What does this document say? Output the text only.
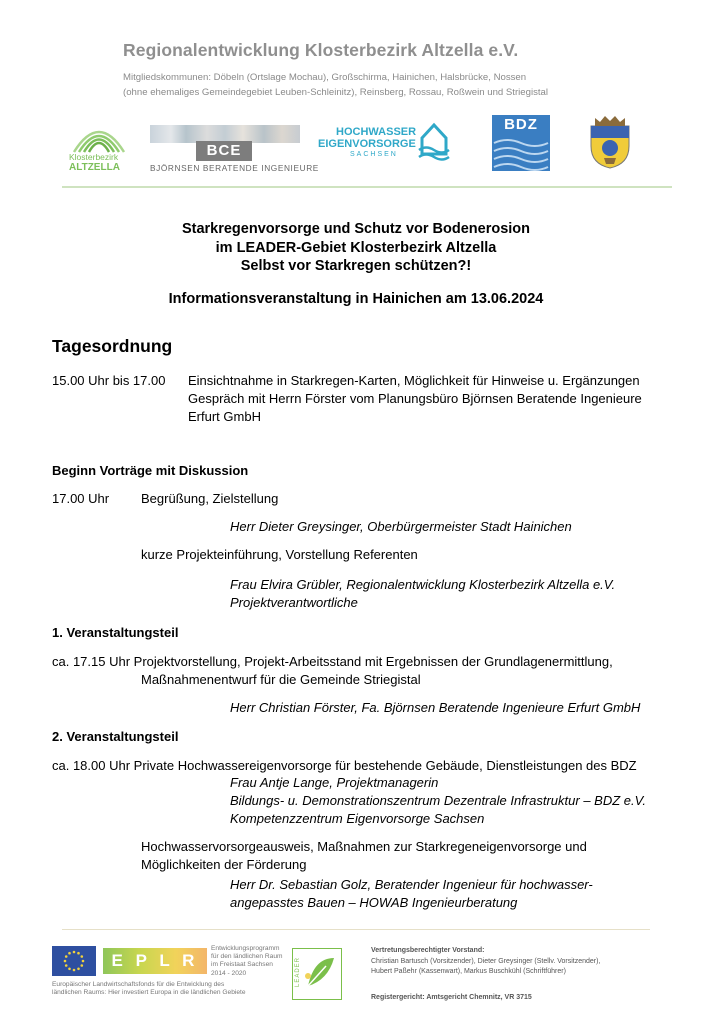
Regionalentwicklung Klosterbezirk Altzella e.V.
Mitgliedskommunen: Döbeln (Ortslage Mochau), Großschirma, Hainichen, Halsbrücke, Nossen
(ohne ehemaliges Gemeindegebiet Leuben-Schleinitz), Reinsberg, Rossau, Roßwein und Striegistal
Klosterbezirk
ALTZELLA
BCE
BJÖRNSEN BERATENDE INGENIEURE
HOCHWASSER
EIGENVORSORGE
SACHSEN
BDZ
Starkregenvorsorge und Schutz vor Bodenerosion
im LEADER-Gebiet Klosterbezirk Altzella
Selbst vor Starkregen schützen?!
Informationsveranstaltung in Hainichen am 13.06.2024
Tagesordnung
15.00 Uhr bis 17.00 Einsichtnahme in Starkregen-Karten, Möglichkeit für Hinweise u. Ergänzungen
Gespräch mit Herrn Förster vom Planungsbüro Björnsen Beratende Ingenieure
Erfurt GmbH
Beginn Vorträge mit Diskussion
17.00 Uhr Begrüßung, Zielstellung
Herr Dieter Greysinger, Oberbürgermeister Stadt Hainichen
kurze Projekteinführung, Vorstellung Referenten
Frau Elvira Grübler, Regionalentwicklung Klosterbezirk Altzella e.V.
Projektverantwortliche
1. Veranstaltungsteil
ca. 17.15 Uhr Projektvorstellung, Projekt-Arbeitsstand mit Ergebnissen der Grundlagenermittlung,
Maßnahmenentwurf für die Gemeinde Striegistal
Herr Christian Förster, Fa. Björnsen Beratende Ingenieure Erfurt GmbH
2. Veranstaltungsteil
ca. 18.00 Uhr Private Hochwassereigenvorsorge für bestehende Gebäude, Dienstleistungen des BDZ
Frau Antje Lange, Projektmanagerin
Bildungs- u. Demonstrationszentrum Dezentrale Infrastruktur – BDZ e.V.
Kompetenzzentrum Eigenvorsorge Sachsen
Hochwasservorsorgeausweis, Maßnahmen zur Starkregeneigenvorsorge und
Möglichkeiten der Förderung
Herr Dr. Sebastian Golz, Beratender Ingenieur für hochwasser-
angepasstes Bauen – HOWAB Ingenieurberatung
E P L R
Entwicklungsprogramm
für den ländlichen Raum
im Freistaat Sachsen
2014 - 2020
Europäischer Landwirtschaftsfonds für die Entwicklung des
ländlichen Raums: Hier investiert Europa in die ländlichen Gebiete
LEADER
Vertretungsberechtigter Vorstand:
Christian Bartusch (Vorsitzender), Dieter Greysinger (Stellv. Vorsitzender),
Hubert Paßehr (Kassenwart), Markus Buschkühl (Schriftführer)
Registergericht: Amtsgericht Chemnitz, VR 3715
